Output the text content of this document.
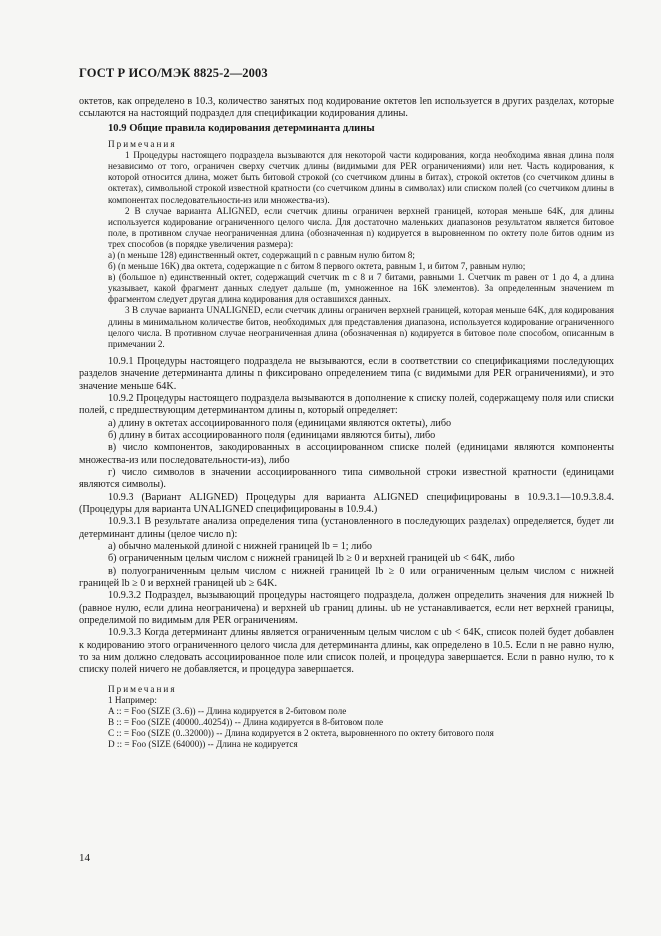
ГОСТ Р ИСО/МЭК 8825-2—2003

октетов, как определено в 10.3, количество занятых под кодирование октетов len используется в других разделах, которые ссылаются на настоящий подраздел для спецификации кодирования длины.

10.9 Общие правила кодирования детерминанта длины

Примечания

1 Процедуры настоящего подраздела вызываются для некоторой части кодирования, когда необходима явная длина поля независимо от того, ограничен сверху счетчик длины (видимыми для PER ограничениями) или нет. Часть кодирования, к которой относится длина, может быть битовой строкой (со счетчиком длины в битах), строкой октетов (со счетчиком длины в октетах), символьной строкой известной кратности (со счетчиком длины в символах) или списком полей (со счетчиком длины в компонентах последовательности-из или множества-из).

2 В случае варианта ALIGNED, если счетчик длины ограничен верхней границей, которая меньше 64K, для длины используется кодирование ограниченного целого числа. Для достаточно маленьких диапазонов результатом является битовое поле, в противном случае неограниченная длина (обозначенная n) кодируется в выровненном по октету поле битов одним из трех способов (в порядке увеличения размера):

а) (n меньше 128) единственный октет, содержащий n с равным нулю битом 8;

б) (n меньше 16K) два октета, содержащие n с битом 8 первого октета, равным 1, и битом 7, равным нулю;

в) (большое n) единственный октет, содержащий счетчик m с 8 и 7 битами, равными 1. Счетчик m равен от 1 до 4, а длина указывает, какой фрагмент данных следует дальше (m, умноженное на 16K элементов). За определенным значением m фрагментом следует другая длина кодирования для оставшихся данных.

3 В случае варианта UNALIGNED, если счетчик длины ограничен верхней границей, которая меньше 64K, для кодирования длины в минимальном количестве битов, необходимых для представления диапазона, используется кодирование ограниченного целого числа. В противном случае неограниченная длина (обозначенная n) кодируется в битовое поле способом, описанным в примечании 2.

10.9.1 Процедуры настоящего подраздела не вызываются, если в соответствии со спецификациями последующих разделов значение детерминанта длины n фиксировано определением типа (с видимыми для PER ограничениями), и это значение меньше 64K.

10.9.2 Процедуры настоящего подраздела вызываются в дополнение к списку полей, содержащему поля или списки полей, с предшествующим детерминантом длины n, который определяет:

а) длину в октетах ассоциированного поля (единицами являются октеты), либо

б) длину в битах ассоциированного поля (единицами являются биты), либо

в) число компонентов, закодированных в ассоциированном списке полей (единицами являются компоненты множества-из или последовательности-из), либо

г) число символов в значении ассоциированного типа символьной строки известной кратности (единицами являются символы).

10.9.3 (Вариант ALIGNED) Процедуры для варианта ALIGNED специфицированы в 10.9.3.1—10.9.3.8.4. (Процедуры для варианта UNALIGNED специфицированы в 10.9.4.)

10.9.3.1 В результате анализа определения типа (установленного в последующих разделах) определяется, будет ли детерминант длины (целое число n):

а) обычно маленькой длиной с нижней границей lb = 1; либо

б) ограниченным целым числом с нижней границей lb ≥ 0 и верхней границей ub < 64K, либо

в) полуограниченным целым числом с нижней границей lb ≥ 0 или ограниченным целым числом с нижней границей lb ≥ 0 и верхней границей ub ≥ 64K.

10.9.3.2 Подраздел, вызывающий процедуры настоящего подраздела, должен определить значения для нижней lb (равное нулю, если длина неограничена) и верхней ub границ длины. ub не устанавливается, если нет верхней границы, определимой по видимым для PER ограничениям.

10.9.3.3 Когда детерминант длины является ограниченным целым числом с ub < 64K, список полей будет добавлен к кодированию этого ограниченного целого числа для детерминанта длины, как определено в 10.5. Если n не равно нулю, то за ним должно следовать ассоциированное поле или список полей, и процедура завершается. Если n равно нулю, то к списку полей ничего не добавляется, и процедура завершается.

Примечания

1 Например:

A :: = Foo (SIZE (3..6)) -- Длина кодируется в 2-битовом поле

B :: = Foo (SIZE (40000..40254)) -- Длина кодируется в 8-битовом поле

C :: = Foo (SIZE (0..32000)) -- Длина кодируется в 2 октета, выровненного по октету битового поля

D :: = Foo (SIZE (64000)) -- Длина не кодируется

14
